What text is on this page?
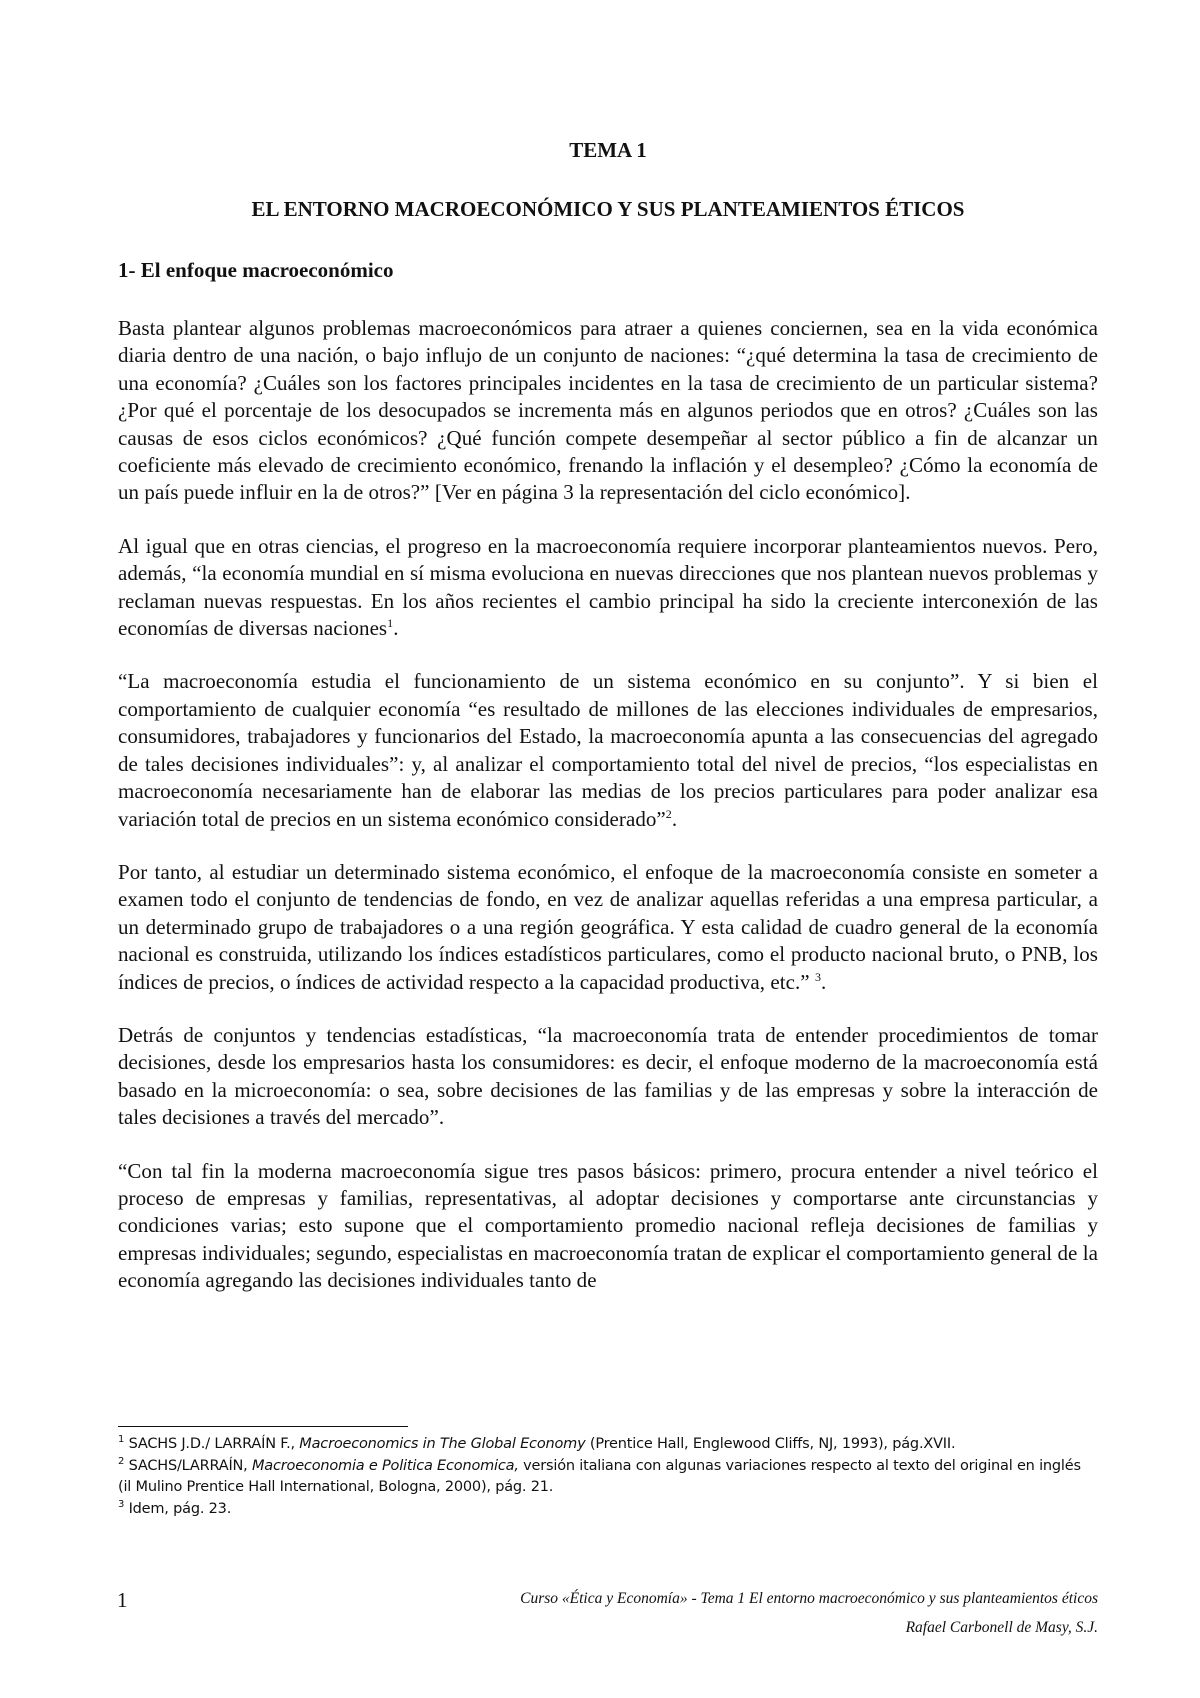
TEMA 1

EL ENTORNO MACROECONÓMICO Y SUS PLANTEAMIENTOS ÉTICOS

1- El enfoque macroeconómico

Basta plantear algunos problemas macroeconómicos para atraer a quienes conciernen, sea en la vida económica diaria dentro de una nación, o bajo influjo de un conjunto de naciones: “¿qué determina la tasa de crecimiento de una economía? ¿Cuáles son los factores principales incidentes en la tasa de crecimiento de un particular sistema? ¿Por qué el porcentaje de los desocupados se incrementa más en algunos periodos que en otros? ¿Cuáles son las causas de esos ciclos económicos? ¿Qué función compete desempeñar al sector público a fin de alcanzar un coeficiente más elevado de crecimiento económico, frenando la inflación y el desempleo? ¿Cómo la economía de un país puede influir en la de otros?” [Ver en página 3 la representación del ciclo económico].

Al igual que en otras ciencias, el progreso en la macroeconomía requiere incorporar planteamientos nuevos. Pero, además, “la economía mundial en sí misma evoluciona en nuevas direcciones que nos plantean nuevos problemas y reclaman nuevas respuestas. En los años recientes el cambio principal ha sido la creciente interconexión de las economías de diversas naciones$^1$.

“La macroeconomía estudia el funcionamiento de un sistema económico en su conjunto”. Y si bien el comportamiento de cualquier economía “es resultado de millones de las elecciones individuales de empresarios, consumidores, trabajadores y funcionarios del Estado, la macroeconomía apunta a las consecuencias del agregado de tales decisiones individuales”: y, al analizar el comportamiento total del nivel de precios, “los especialistas en macroeconomía necesariamente han de elaborar las medias de los precios particulares para poder analizar esa variación total de precios en un sistema económico considerado”$^2$.

Por tanto, al estudiar un determinado sistema económico, el enfoque de la macroeconomía consiste en someter a examen todo el conjunto de tendencias de fondo, en vez de analizar aquellas referidas a una empresa particular, a un determinado grupo de trabajadores o a una región geográfica. Y esta calidad de cuadro general de la economía nacional es construida, utilizando los índices estadísticos particulares, como el producto nacional bruto, o PNB, los índices de precios, o índices de actividad respecto a la capacidad productiva, etc.” $^3$.

Detrás de conjuntos y tendencias estadísticas, “la macroeconomía trata de entender procedimientos de tomar decisiones, desde los empresarios hasta los consumidores: es decir, el enfoque moderno de la macroeconomía está basado en la microeconomía: o sea, sobre decisiones de las familias y de las empresas y sobre la interacción de tales decisiones a través del mercado”.

“Con tal fin la moderna macroeconomía sigue tres pasos básicos: primero, procura entender a nivel teórico el proceso de empresas y familias, representativas, al adoptar decisiones y comportarse ante circunstancias y condiciones varias; esto supone que el comportamiento promedio nacional refleja decisiones de familias y empresas individuales; segundo, especialistas en macroeconomía tratan de explicar el comportamiento general de la economía agregando las decisiones individuales tanto de

$^1$ SACHS J.D./ LARRAÍN F., Macroeconomics in The Global Economy (Prentice Hall, Englewood Cliffs, NJ, 1993), pág.XVII.

$^2$ SACHS/LARRAÍN, Macroeconomia e Politica Economica, versión italiana con algunas variaciones respecto al texto del original en inglés (il Mulino Prentice Hall International, Bologna, 2000), pág. 21.

$^3$ Idem, pág. 23.

1	Curso «Ética y Economía» - Tema 1 El entorno macroeconómico y sus planteamientos éticos
Rafael Carbonell de Masy, S.J.
